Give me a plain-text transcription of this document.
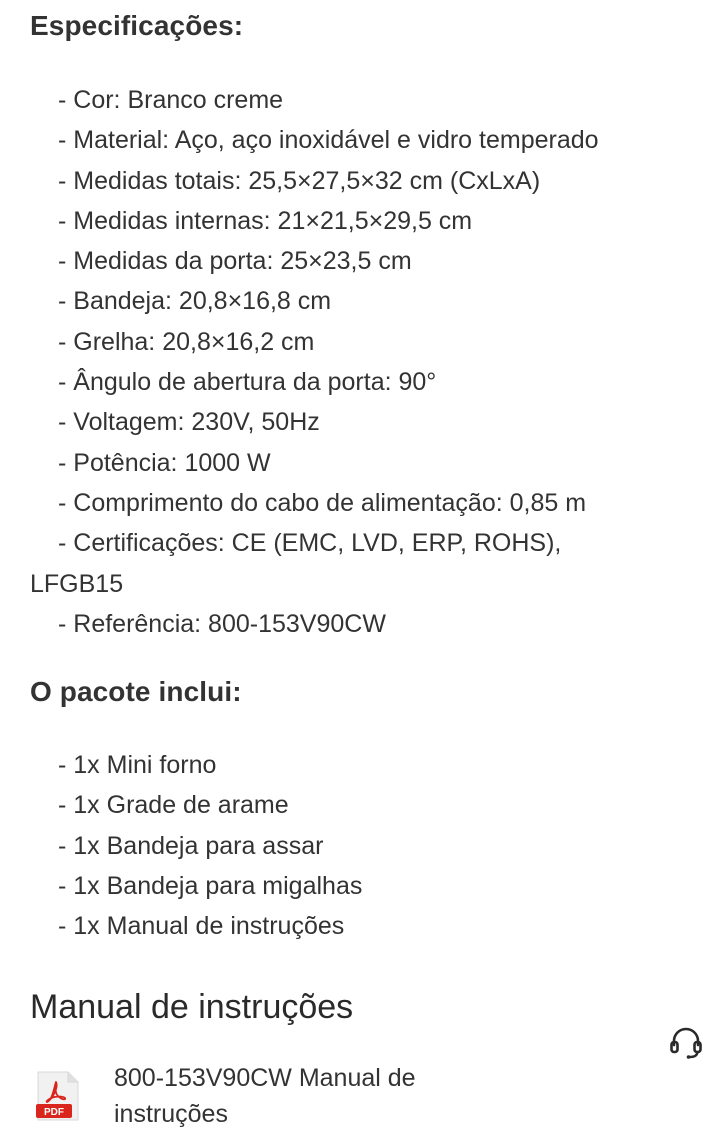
Especificações:
- Cor: Branco creme
- Material: Aço, aço inoxidável e vidro temperado
- Medidas totais: 25,5×27,5×32 cm (CxLxA)
- Medidas internas: 21×21,5×29,5 cm
- Medidas da porta: 25×23,5 cm
- Bandeja: 20,8×16,8 cm
- Grelha: 20,8×16,2 cm
- Ângulo de abertura da porta: 90°
- Voltagem: 230V, 50Hz
- Potência: 1000 W
- Comprimento do cabo de alimentação: 0,85 m
- Certificações: CE (EMC, LVD, ERP, ROHS),
LFGB15
- Referência: 800-153V90CW
O pacote inclui:
- 1x Mini forno
- 1x Grade de arame
- 1x Bandeja para assar
- 1x Bandeja para migalhas
- 1x Manual de instruções
Manual de instruções
PDF
800-153V90CW Manual de instruções
